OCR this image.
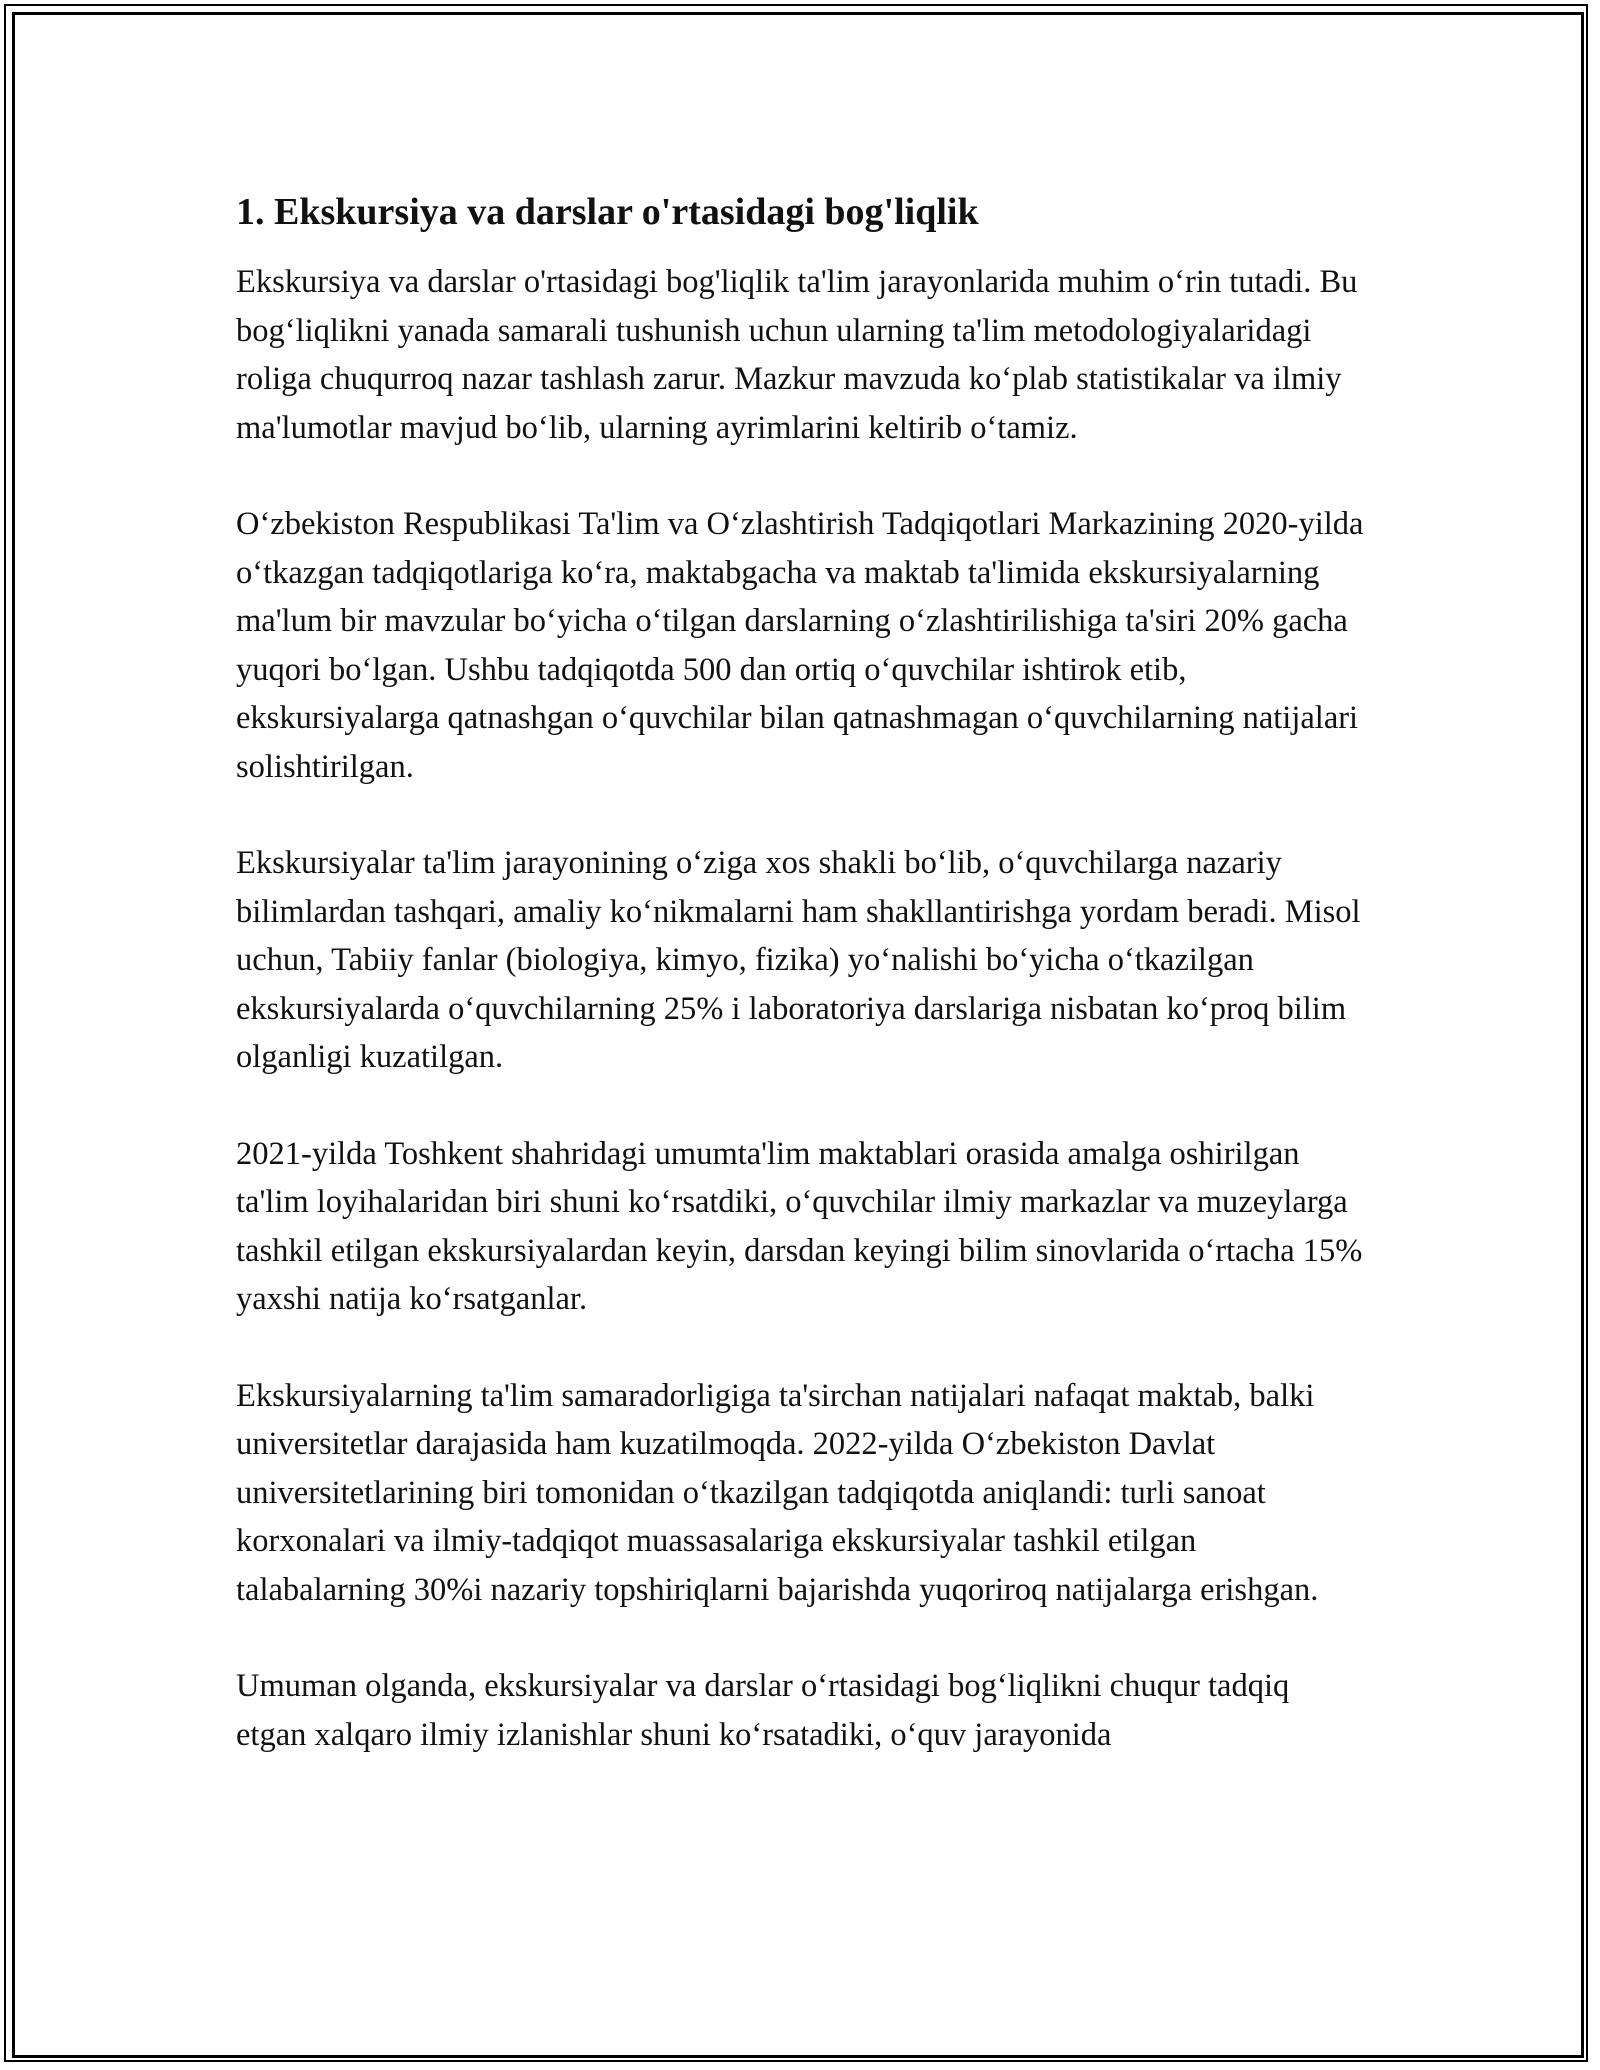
1. Ekskursiya va darslar o'rtasidagi bog'liqlik

Ekskursiya va darslar o'rtasidagi bog'liqlik ta'lim jarayonlarida muhim o‘rin tutadi. Bu bog‘liqlikni yanada samarali tushunish uchun ularning ta'lim metodologiyalaridagi roliga chuqurroq nazar tashlash zarur. Mazkur mavzuda ko‘plab statistikalar va ilmiy ma'lumotlar mavjud bo‘lib, ularning ayrimlarini keltirib o‘tamiz.

O‘zbekiston Respublikasi Ta'lim va O‘zlashtirish Tadqiqotlari Markazining 2020-yilda o‘tkazgan tadqiqotlariga ko‘ra, maktabgacha va maktab ta'limida ekskursiyalarning ma'lum bir mavzular bo‘yicha o‘tilgan darslarning o‘zlashtirilishiga ta'siri 20% gacha yuqori bo‘lgan. Ushbu tadqiqotda 500 dan ortiq o‘quvchilar ishtirok etib, ekskursiyalarga qatnashgan o‘quvchilar bilan qatnashmagan o‘quvchilarning natijalari solishtirilgan.

Ekskursiyalar ta'lim jarayonining o‘ziga xos shakli bo‘lib, o‘quvchilarga nazariy bilimlardan tashqari, amaliy ko‘nikmalarni ham shakllantirishga yordam beradi. Misol uchun, Tabiiy fanlar (biologiya, kimyo, fizika) yo‘nalishi bo‘yicha o‘tkazilgan ekskursiyalarda o‘quvchilarning 25% i laboratoriya darslariga nisbatan ko‘proq bilim olganligi kuzatilgan.

2021-yilda Toshkent shahridagi umumta'lim maktablari orasida amalga oshirilgan ta'lim loyihalaridan biri shuni ko‘rsatdiki, o‘quvchilar ilmiy markazlar va muzeylarga tashkil etilgan ekskursiyalardan keyin, darsdan keyingi bilim sinovlarida o‘rtacha 15% yaxshi natija ko‘rsatganlar.

Ekskursiyalarning ta'lim samaradorligiga ta'sirchan natijalari nafaqat maktab, balki universitetlar darajasida ham kuzatilmoqda. 2022-yilda O‘zbekiston Davlat universitetlarining biri tomonidan o‘tkazilgan tadqiqotda aniqlandi: turli sanoat korxonalari va ilmiy-tadqiqot muassasalariga ekskursiyalar tashkil etilgan talabalarning 30%i nazariy topshiriqlarni bajarishda yuqoriroq natijalarga erishgan.

Umuman olganda, ekskursiyalar va darslar o‘rtasidagi bog‘liqlikni chuqur tadqiq etgan xalqaro ilmiy izlanishlar shuni ko‘rsatadiki, o‘quv jarayonida
